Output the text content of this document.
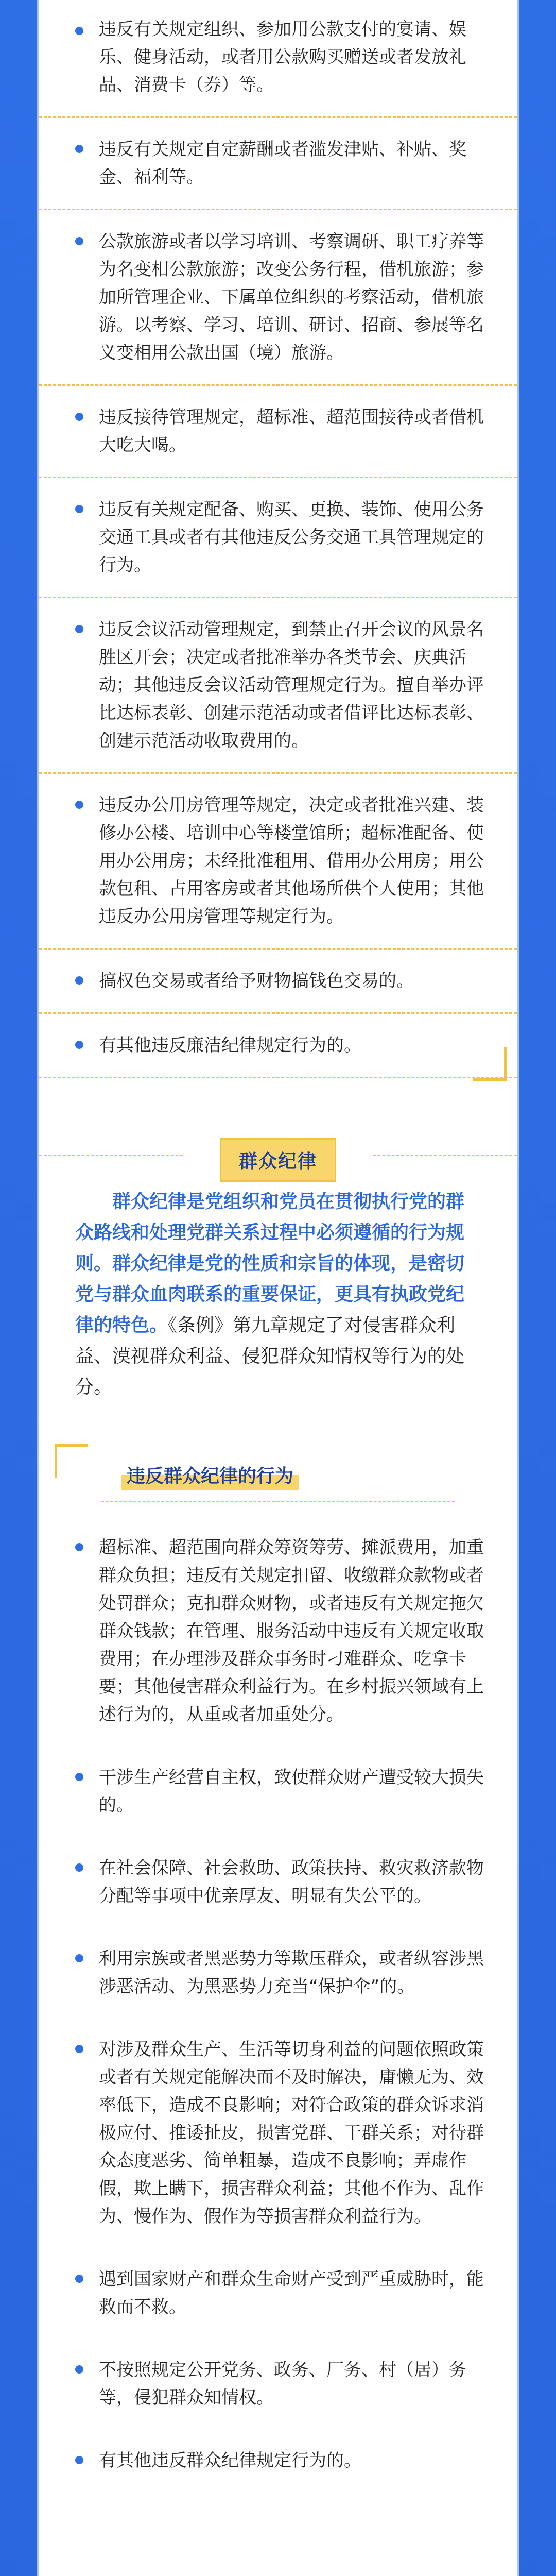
违反有关规定组织、参加用公款支付的宴请、娱乐、健身活动，或者用公款购买赠送或者发放礼品、消费卡（券）等。
违反有关规定自定薪酬或者滥发津贴、补贴、奖金、福利等。
公款旅游或者以学习培训、考察调研、职工疗养等为名变相公款旅游；改变公务行程，借机旅游；参加所管理企业、下属单位组织的考察活动，借机旅游。以考察、学习、培训、研讨、招商、参展等名义变相用公款出国（境）旅游。
违反接待管理规定，超标准、超范围接待或者借机大吃大喝。
违反有关规定配备、购买、更换、装饰、使用公务交通工具或者有其他违反公务交通工具管理规定的行为。
违反会议活动管理规定，到禁止召开会议的风景名胜区开会；决定或者批准举办各类节会、庆典活动；其他违反会议活动管理规定行为。擅自举办评比达标表彰、创建示范活动或者借评比达标表彰、创建示范活动收取费用的。
违反办公用房管理等规定，决定或者批准兴建、装修办公楼、培训中心等楼堂馆所；超标准配备、使用办公用房；未经批准租用、借用办公用房；用公款包租、占用客房或者其他场所供个人使用；其他违反办公用房管理等规定行为。
搞权色交易或者给予财物搞钱色交易的。
有其他违反廉洁纪律规定行为的。
群众纪律

群众纪律是党组织和党员在贯彻执行党的群众路线和处理党群关系过程中必须遵循的行为规则。群众纪律是党的性质和宗旨的体现，是密切党与群众血肉联系的重要保证，更具有执政党纪律的特色。《条例》第九章规定了对侵害群众利益、漠视群众利益、侵犯群众知情权等行为的处分。

违反群众纪律的行为
超标准、超范围向群众筹资筹劳、摊派费用，加重群众负担；违反有关规定扣留、收缴群众款物或者处罚群众；克扣群众财物，或者违反有关规定拖欠群众钱款；在管理、服务活动中违反有关规定收取费用；在办理涉及群众事务时刁难群众、吃拿卡要；其他侵害群众利益行为。在乡村振兴领域有上述行为的，从重或者加重处分。
干涉生产经营自主权，致使群众财产遭受较大损失的。
在社会保障、社会救助、政策扶持、救灾救济款物分配等事项中优亲厚友、明显有失公平的。
利用宗族或者黑恶势力等欺压群众，或者纵容涉黑涉恶活动、为黑恶势力充当“保护伞”的。
对涉及群众生产、生活等切身利益的问题依照政策或者有关规定能解决而不及时解决，庸懒无为、效率低下，造成不良影响；对符合政策的群众诉求消极应付、推诿扯皮，损害党群、干群关系；对待群众态度恶劣、简单粗暴，造成不良影响；弄虚作假，欺上瞒下，损害群众利益；其他不作为、乱作为、慢作为、假作为等损害群众利益行为。
遇到国家财产和群众生命财产受到严重威胁时，能救而不救。
不按照规定公开党务、政务、厂务、村（居）务等，侵犯群众知情权。
有其他违反群众纪律规定行为的。
